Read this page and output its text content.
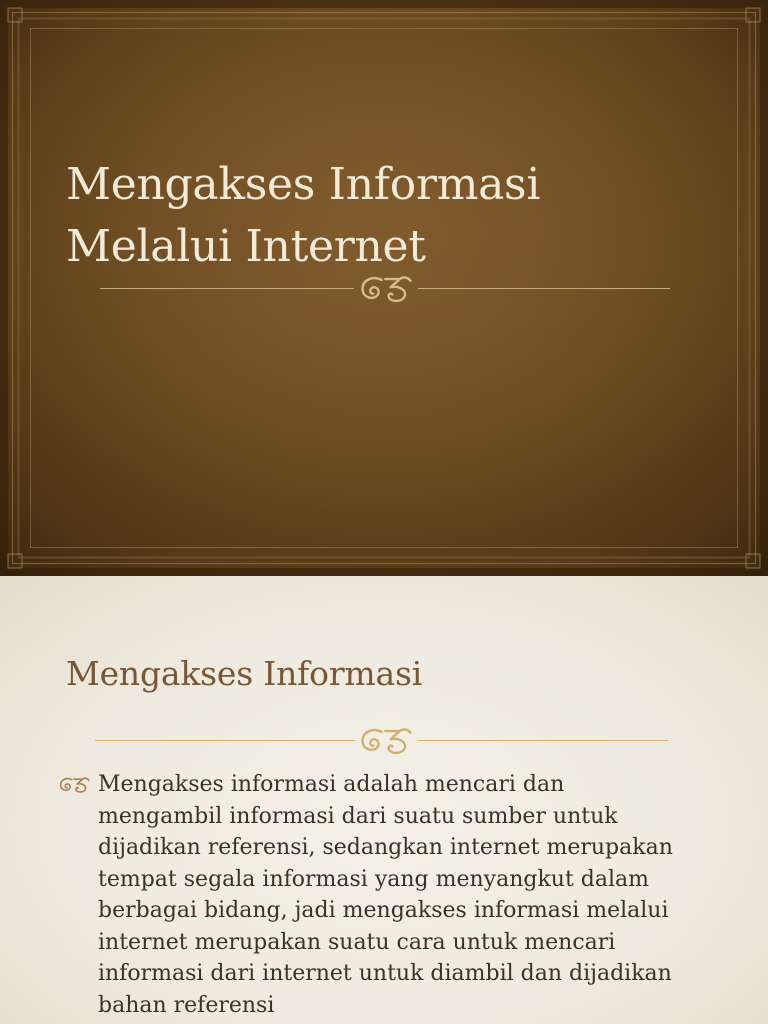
Mengakses Informasi
Melalui Internet
Mengakses Informasi
Mengakses informasi adalah mencari dan
mengambil informasi dari suatu sumber untuk
dijadikan referensi, sedangkan internet merupakan
tempat segala informasi yang menyangkut dalam
berbagai bidang, jadi mengakses informasi melalui
internet merupakan suatu cara untuk mencari
informasi dari internet untuk diambil dan dijadikan
bahan referensi
